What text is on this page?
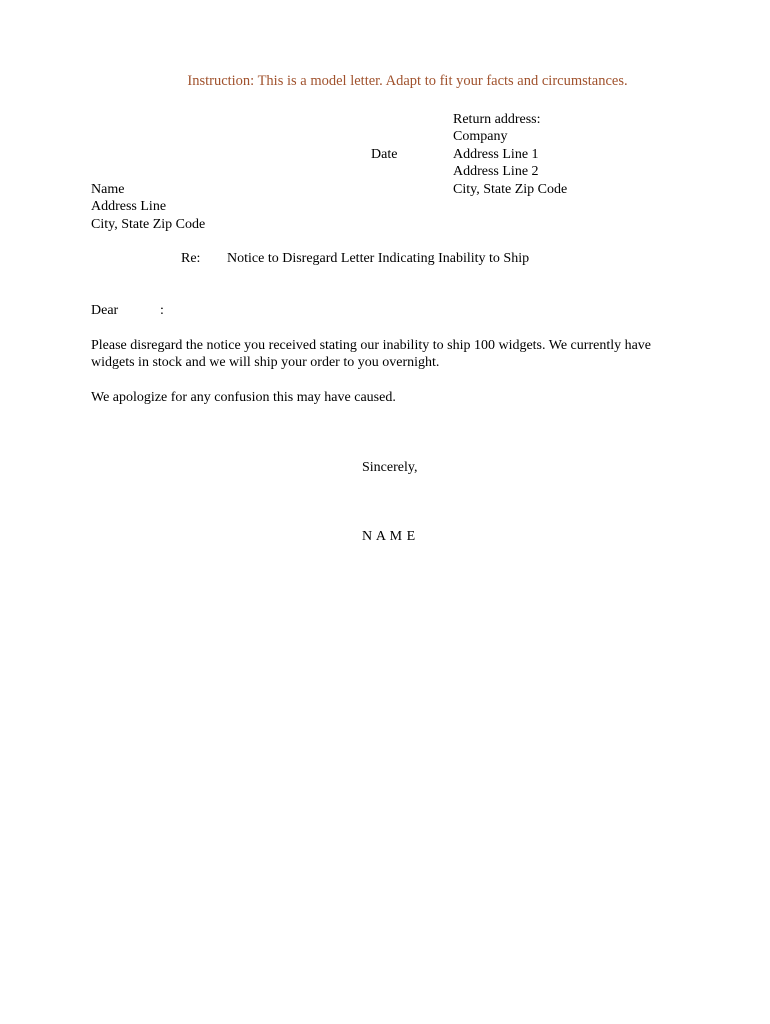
Instruction: This is a model letter. Adapt to fit your facts and circumstances.
Return address:
Company
Address Line 1
Address Line 2
City, State Zip Code
Date
Name
Address Line
City, State Zip Code
Re: Notice to Disregard Letter Indicating Inability to Ship
Dear	:
Please disregard the notice you received stating our inability to ship 100 widgets. We currently have widgets in stock and we will ship your order to you overnight.
We apologize for any confusion this may have caused.
Sincerely,
N A M E
